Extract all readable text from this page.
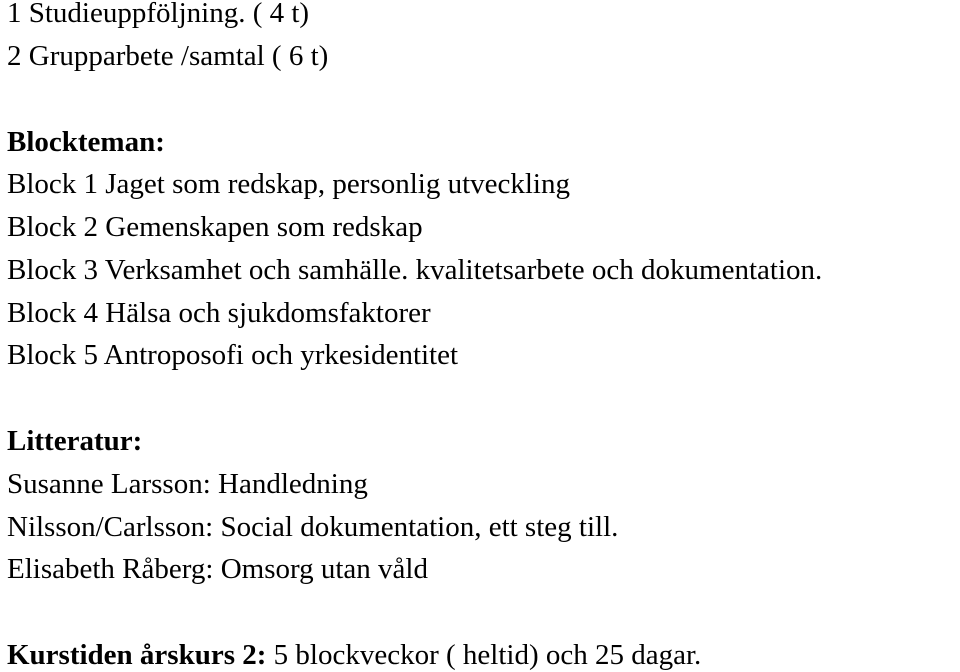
1 Studieuppföljning. ( 4 t)
2 Grupparbete /samtal ( 6 t)
Blockteman:
Block 1 Jaget som redskap, personlig utveckling
Block 2 Gemenskapen som redskap
Block 3 Verksamhet och samhälle. kvalitetsarbete och dokumentation.
Block 4 Hälsa och sjukdomsfaktorer
Block 5 Antroposofi och yrkesidentitet
Litteratur:
Susanne Larsson: Handledning
Nilsson/Carlsson: Social dokumentation, ett steg till.
Elisabeth Råberg: Omsorg utan våld
Kurstiden årskurs 2: 5 blockveckor ( heltid) och 25 dagar.
